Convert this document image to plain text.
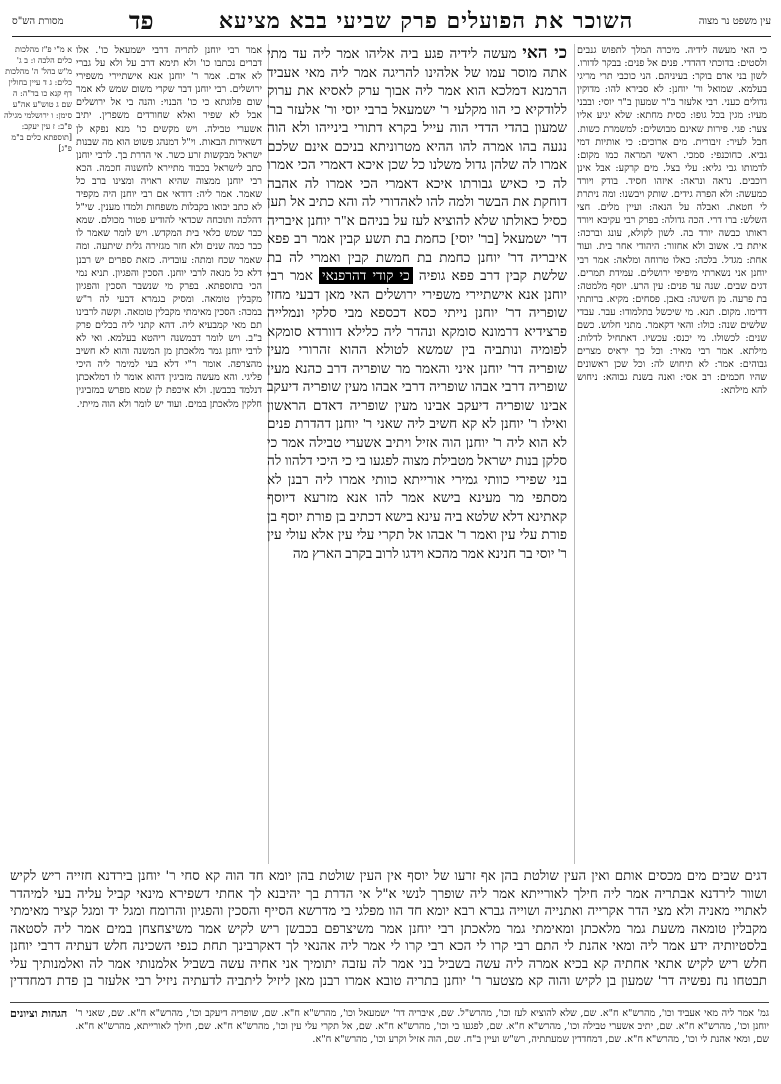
עין משפט נר מצוה
השוכר את הפועלים פרק שביעי בבא מציעא
פד
מסורת הש"ס
כי האי מעשה לידיה. מיכרה המלך לתפוש גנבים ולסטים: בדוכתי דהדדי. פנים אל פנים: בבקר לדורו. לשון בני אדם בוקר: בעיניהם. הני כוכבי תרי מריגי בעלמא. שמואל ור' יוחנן: לא סבירא להו: מדוקין גדולים כעני. רבי אלעזר ב"ר שמעון ב"ר יוסי: ובבני מעיו: מגין בכל גופו: כסית מחתא: שלא יגיע אליו צער: פגי. פירות שאינם מבושלים: למשמרת כשות. חבל לעיר: זיבורית. מים ארוכים: כי אותיות דמי גביא. כחוכנפי: סמכי. ראשי המראה כמו מקום: לדמותו גבי גליא: עלי בצל. מים קרקע: אבל אינן רוכבים. נראה ונראה: איזהו חסיד. בודק ויורד כמעשה: ולא הפרה גידים. שותק ויבשנו: ומה ניתרת לי חטאת. ואבלה על הנאה: ועיין מלים. חצי השלש: ברו דרי. הכה גדולה: בפרק רבי עקיבא ויורד ראותו כבשה יורד בה. לשון לקולא, עונג וברכה: איתת בי. אשוב ולא אחזור: היהודי אחר בית. ועוד אחת: מגדל. בלכה: כאלו טרוחה ומלאה: אמר רבי יוחנן אני נשארתי מיפיפי ירושלים. עמידת תמרים. דגים שבים. שנה עד פנים: עין הרע. יוסף מלמטה: בת פרעה. מן חשיגה: באבן. פסחים: מקיא. ברותתי דדימו. מקום. תנא. מי שיכשל בתלמודו: עבר. עבדי שלשים שנה: כולו: והאי דקאמר. מתני חלוש. כשם שנים: לכשולו. מי יכנס: עכשיו. דאתחיל לדלות: מילתא. אמר רבי מאיר: וכל כך יראיס מצרים גבוהים: אמר: לא תיחוש לה: וכל שכן ראשונים שהיו חכמים: רב אסי: ואנה בשנת גבוהא: ניחוש להא מילתא:
כי האי מעשה לידיה פגע ביה אליהו אמר ליה עד מתי אתה מוסר עמו של אלהינו להריגה אמר ליה מאי אעביד הרמנא דמלכא הוא אמר ליה אבוך ערק לאסיא את ערוק ללודקיא כי הוו מקלעי ר' ישמעאל ברבי יוסי ור' אלעזר בר' שמעון בהדי הדדי הוה עייל בקרא דתורי בינייהו ולא הוה נגעה בהו אמרה להו ההיא מטרוניתא בניכם אינם שלכם אמרו לה שלהן גדול משלנו כל שכן איכא דאמרי הכי אמרו לה כי כאיש גבורתו איכא דאמרי הכי אמרו לה אהבה דוחקת את הבשר ולמה להו לאהדורי לה והא כתיב אל תען כסיל כאולתו שלא להוציא לעז על בניהם א"ר יוחנן איבריה דר' ישמעאל [בר' יוסי] כחמת בת תשע קבין אמר רב פפא איבריה דר' יוחנן כחמת בת חמשת קבין ואמרי לה בת שלשת קבין דרב פפא גופיה כי קודי דהרפנאי אמר רבי יוחנן אנא אישתיירי משפירי ירושלים האי מאן דבעי מחזי שופריה דר' יוחנן נייתי כסא דכספא מבי סלקי ונמלייה פרצידיא דרמונא סומקא ונהדר ליה כלילא דוורדא סומקא לפומיה ונותביה בין שמשא לטולא ההוא זהרורי מעין שופריה דר' יוחנן איני והאמר מר שופריה דרב כהנא מעין שופריה דרבי אבהו שופריה דרבי אבהו מעין שופריה דיעקב אבינו שופריה דיעקב אבינו מעין שופריה דאדם הראשון ואילו ר' יוחנן לא קא חשיב ליה שאני ר' יוחנן דהדרת פנים לא הוא ליה ר' יוחנן הוה אזיל ויתיב אשערי טבילה אמר כי סלקן בנות ישראל מטבילת מצוה לפגעו בי כי היכי דלהוו לה בני שפירי כוותי גמירי אורייתא כוותי אמרו ליה רבנן לא מסתפי מר מעינא בישא אמר להו אנא מזרעא דיוסף קאתינא דלא שלטא ביה עינא בישא דכתיב בן פורת יוסף בן פורת עלי עין ואמר ר' אבהו אל תקרי עלי עין אלא עולי עין ר' יוסי בר חנינא אמר מהכא וידגו לרוב בקרב הארץ מה
אמר רבי יוחנן לתריה דרבי ישמעאל כו'. אלו דברים נכתבו כו' ולא תימא דרב על ולא על גברי לא אדם. אמר ר' יוחנן אנא אישתיירי משפירי ירושלים. רבי יוחנן דבר שקרי משום שמש לא אמר שום פלוגתא כי כו' הבנוי: והנה בי אל ירושלים אבל לא שפיר ואלא שחורדים משפרין. יתיב אשערי טבילה. ויש מקשים כו' מנא נפקא לן דשאירות הבאות. וי"ל דמנהג פשוט הוא מה שבנות ישראל מבקשות זרע כשר. אי הדרת בך. לרבי יוחנן כתב לישראל בכבוד מתיירא לחשנוה חכמה. הכא רבי יוחנן ממצוה שהיא ראויה ומצינו ברב כל שאמר. אמר ליה: דודאי אם רבי יוחנן היה מקפיד לא כתב יבואו בקבלות משפחות ולמדו מענין. שי"ל דהלכה ותוכחה שכדאי להודיע פטור מכולם. שמא כבר שמש כלאי בית המקדש. ויש לומר שאמר לו כבר כמה שנים ולא חזר מגזירה גלית שיתעה. ומה שאמר שכח ומתה: עובדיה. כזאת ספרים יש רבנן דלא כל מנאה לרבי יוחנן. הסכין והפגיון. תניא נמי הכי בתוספתא. בפרק מי שנשבר הסכין והפגיון מקבלין טומאה. ומסיק בגמרא דבעי לה ר"ש במכה: הסכין מאימתי מקבלין טומאה. וקשה לרבינו תם מאי קמבעיא ליה. דהא קתני ליה בכלים פרק ב"ב. ויש לומר דבמשנה ריהטא בעלמא. ואי לא לרבי יוחנן גמר מלאכתן מן המשנה והוא לא חשיב מהצרפה. אומר ר"י דלא בעי למימר ליה היכי פליגי. והא מעשה מזביגין דהוא אומר לו דמלאכתן דנלמד בכבשן. ולא איכפת לן שמא מפרש במזביגין חלקין מלאכתן במים. ועוד יש לומר ולא הוה מייתי.
א מ"י פ"ז מהלכות כלים הלכה ו: ב ג' מ"ש בהל' ה' מהלכות כלים: ג ד עיין בחולין דף קנא כו בד"ה: ה שם ג טוש"ע אה"ע סימן: ו ירושלמי מגילה פ"ב: ז עין יעקב: [תוספתא כלים ב"מ פ"ג]
דגים שבים מים מכסים אותם ואין העין שולטת בהן אף זרעו של יוסף אין העין שולטת בהן יומא חד הוה קא סחי ר' יוחנן בירדנא חזייה ריש לקיש ושוור לירדנא אבתריה אמר ליה חילך לאורייתא אמר ליה שופרך לנשי א"ל אי הדרת בך יהיבנא לך אחתי דשפירא מינאי קביל עליה בעי למיהדר לאתויי מאניה ולא מצי הדר אקרייה ואתנייה ושוייה גברא רבא יומא חד הוו מפלגי בי מדרשא הסייף והסכין והפגיון והרומח ומגל יד ומגל קציר מאימתי מקבלין טומאה משעת גמר מלאכתן ומאימתי גמר מלאכתן רבי יוחנן אמר משיצרפם בכבשן ריש לקיש אמר משיצחצחן במים אמר ליה לסטאה בלסטיותיה ידע אמר ליה ומאי אהנת לי התם רבי קרו לי הכא רבי קרו לי אמר ליה אהנאי לך דאקרבינך תחת כנפי השכינה חלש דעתיה דרבי יוחנן חלש ריש לקיש אתאי אחתיה קא בכיא אמרה ליה עשה בשביל בני אמר לה עזבה יתומיך אני אחיה עשה בשביל אלמנותי אמר לה ואלמנותיך עלי תבטחו נח נפשיה דר' שמעון בן לקיש והוה קא מצטער ר' יוחנן בתריה טובא אמרו רבנן מאן ליזיל ליתביה לדעתיה ניזיל רבי אלעזר בן פדת דמחדדין
גמ' אמר ליה מאי אעביד וכו', מהרש"א ח"א. שם, שלא להוציא לעז וכו', מהרש"ל. שם, איבריה דר' ישמעאל וכו', מהרש"א ח"א. שם, שופריה דיעקב וכו', מהרש"א ח"א. שם, שאני ר' יוחנן וכו', מהרש"א ח"א. שם, יתיב אשערי טבילה וכו', מהרש"א ח"א. שם, לפגעו בי וכו', מהרש"א ח"א. שם, אל תקרי עלי עין וכו', מהרש"א ח"א. שם, חילך לאורייתא, מהרש"א ח"א. שם, ומאי אהנת לי וכו', מהרש"א ח"א. שם, דמחדדין שמעתתיה, רש"ש ועיין ב"ח. שם, הוה אזיל וקרע וכו', מהרש"א ח"א.
הגהות וציונים
